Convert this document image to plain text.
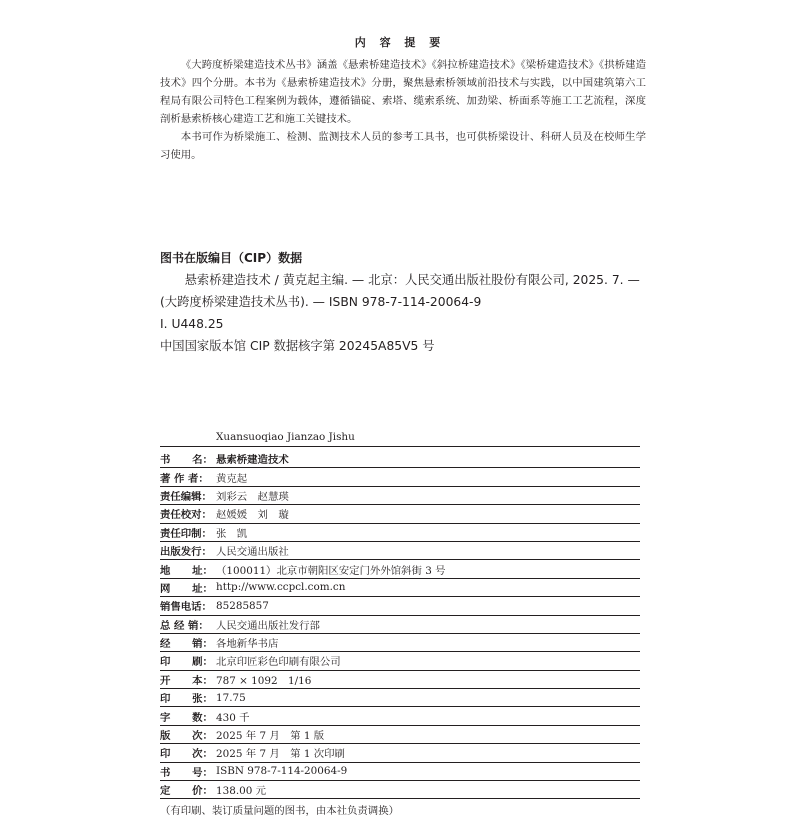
内 容 提 要

《大跨度桥梁建造技术丛书》涵盖《悬索桥建造技术》《斜拉桥建造技术》《梁桥建造技术》《拱桥建造技术》四个分册。本书为《悬索桥建造技术》分册，聚焦悬索桥领域前沿技术与实践，以中国建筑第六工程局有限公司特色工程案例为载体，遵循锚碇、索塔、缆索系统、加劲梁、桥面系等施工工艺流程，深度剖析悬索桥核心建造工艺和施工关键技术。

本书可作为桥梁施工、检测、监测技术人员的参考工具书，也可供桥梁设计、科研人员及在校师生学习使用。

图书在版编目（CIP）数据

悬索桥建造技术 / 黄克起主编. — 北京：人民交通出版社股份有限公司, 2025. 7. — (大跨度桥梁建造技术丛书). — ISBN 978-7-114-20064-9

Ⅰ. U448.25
中国国家版本馆 CIP 数据核字第 20245A85V5 号
Xuansuoqiao Jianzao Jishu
书      名： 悬索桥建造技术
著 作 者： 黄克起
责任编辑： 刘彩云　赵慧瑛
责任校对： 赵媛媛　刘　璇
责任印制： 张　凯
出版发行： 人民交通出版社
地      址： （100011）北京市朝阳区安定门外外馆斜街 3 号
网      址： http://www.ccpcl.com.cn
销售电话： 85285857
总 经 销： 人民交通出版社发行部
经      销： 各地新华书店
印      刷： 北京印匠彩色印刷有限公司
开      本： 787 × 1092　1/16
印      张： 17.75
字      数： 430 千
版      次： 2025 年 7 月　第 1 版
印      次： 2025 年 7 月　第 1 次印刷
书      号： ISBN 978-7-114-20064-9
定      价： 138.00 元
（有印刷、装订质量问题的图书，由本社负责调换）
